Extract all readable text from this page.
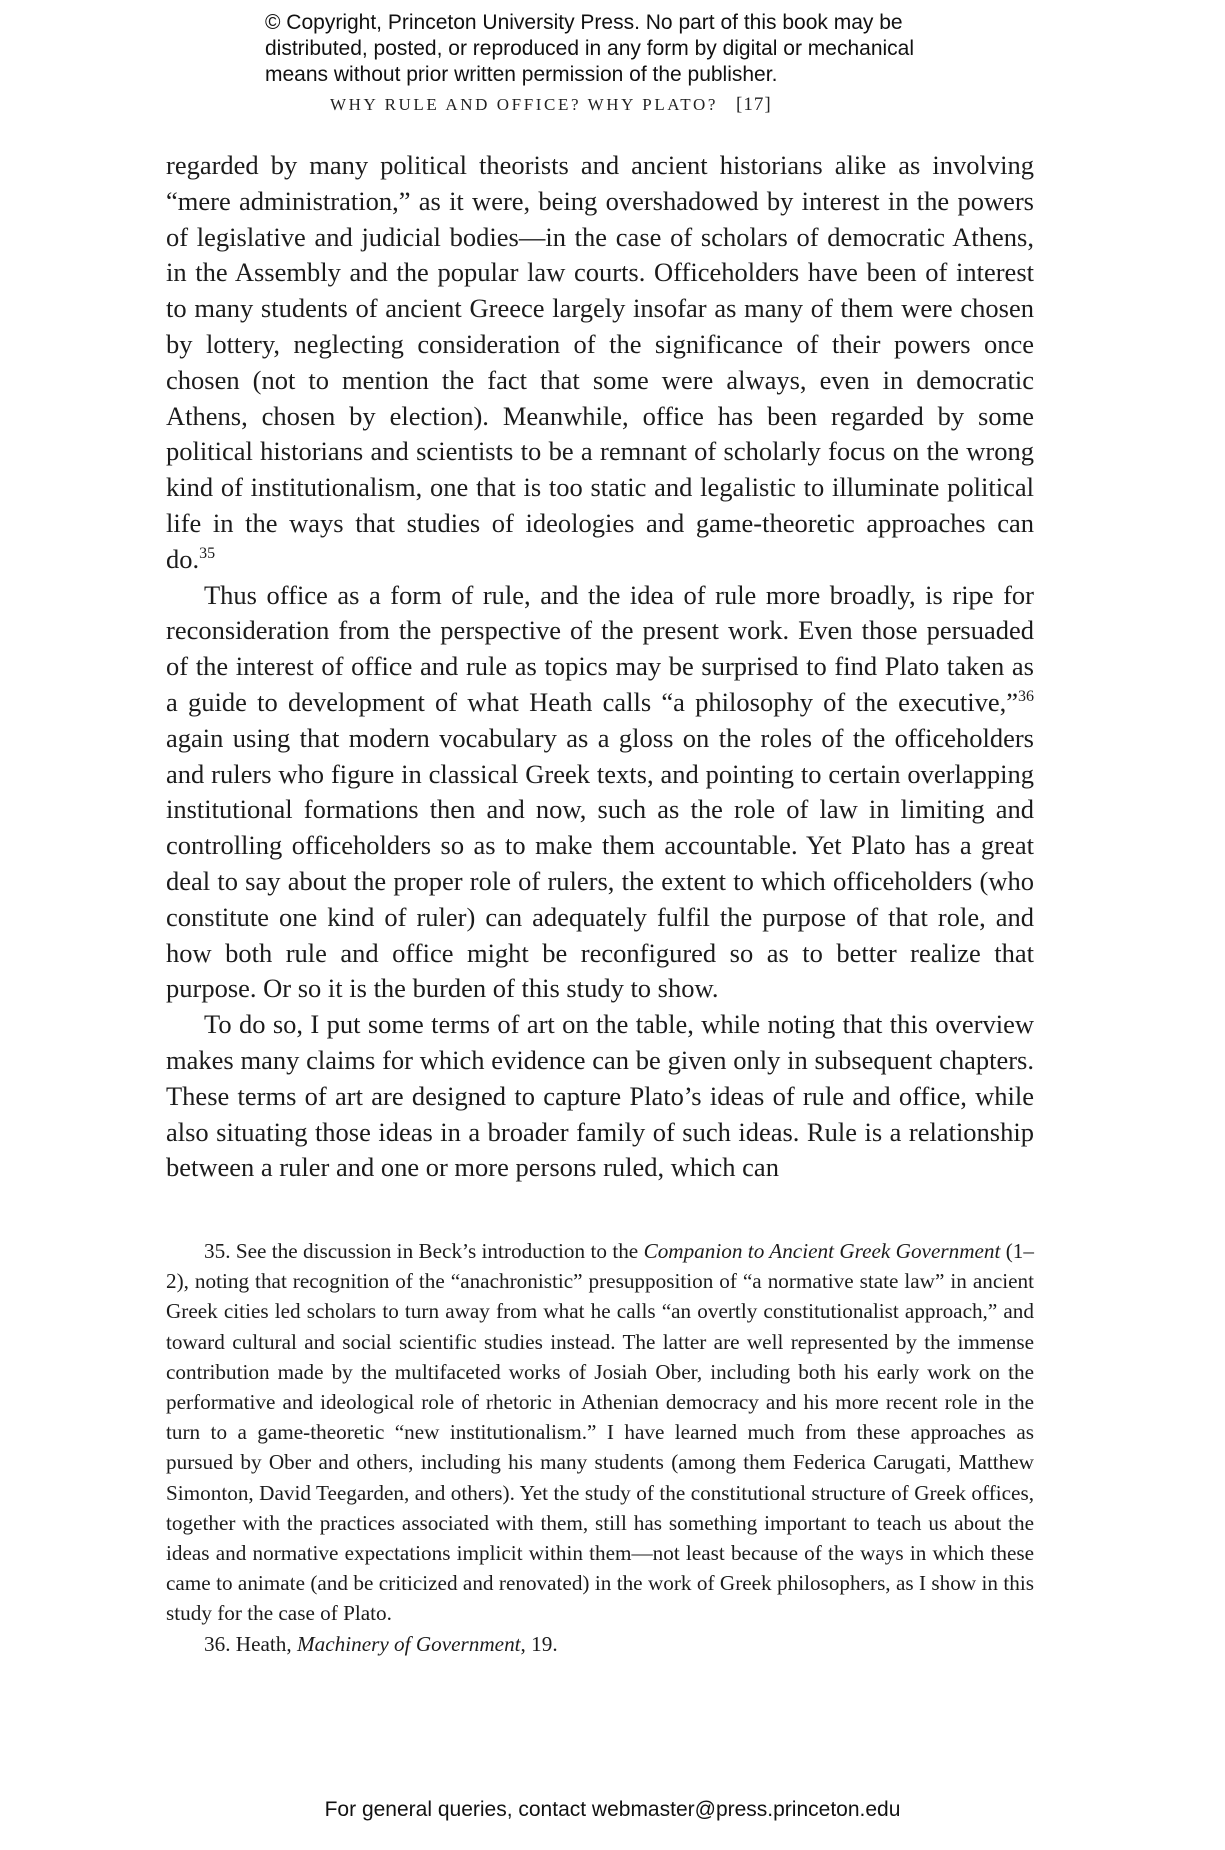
© Copyright, Princeton University Press. No part of this book may be
distributed, posted, or reproduced in any form by digital or mechanical
means without prior written permission of the publisher.
WHY RULE AND OFFICE? WHY PLATO? [17]

regarded by many political theorists and ancient historians alike as involving “mere administration,” as it were, being overshadowed by interest in the powers of legislative and judicial bodies—in the case of scholars of democratic Athens, in the Assembly and the popular law courts. Officeholders have been of interest to many students of ancient Greece largely insofar as many of them were chosen by lottery, neglecting consideration of the significance of their powers once chosen (not to mention the fact that some were always, even in democratic Athens, chosen by election). Meanwhile, office has been regarded by some political historians and scientists to be a remnant of scholarly focus on the wrong kind of institutionalism, one that is too static and legalistic to illuminate political life in the ways that studies of ideologies and game-theoretic approaches can do.$^{35}$

Thus office as a form of rule, and the idea of rule more broadly, is ripe for reconsideration from the perspective of the present work. Even those persuaded of the interest of office and rule as topics may be surprised to find Plato taken as a guide to development of what Heath calls “a philosophy of the executive,”$^{36}$ again using that modern vocabulary as a gloss on the roles of the officeholders and rulers who figure in classical Greek texts, and pointing to certain overlapping institutional formations then and now, such as the role of law in limiting and controlling officeholders so as to make them accountable. Yet Plato has a great deal to say about the proper role of rulers, the extent to which officeholders (who constitute one kind of ruler) can adequately fulfil the purpose of that role, and how both rule and office might be reconfigured so as to better realize that purpose. Or so it is the burden of this study to show.

To do so, I put some terms of art on the table, while noting that this overview makes many claims for which evidence can be given only in subsequent chapters. These terms of art are designed to capture Plato’s ideas of rule and office, while also situating those ideas in a broader family of such ideas. Rule is a relationship between a ruler and one or more persons ruled, which can

35. See the discussion in Beck’s introduction to the Companion to Ancient Greek Government (1–2), noting that recognition of the “anachronistic” presupposition of “a normative state law” in ancient Greek cities led scholars to turn away from what he calls “an overtly constitutionalist approach,” and toward cultural and social scientific studies instead. The latter are well represented by the immense contribution made by the multifaceted works of Josiah Ober, including both his early work on the performative and ideological role of rhetoric in Athenian democracy and his more recent role in the turn to a game-theoretic “new institutionalism.” I have learned much from these approaches as pursued by Ober and others, including his many students (among them Federica Carugati, Matthew Simonton, David Teegarden, and others). Yet the study of the constitutional structure of Greek offices, together with the practices associated with them, still has something important to teach us about the ideas and normative expectations implicit within them—not least because of the ways in which these came to animate (and be criticized and renovated) in the work of Greek philosophers, as I show in this study for the case of Plato.

36. Heath, Machinery of Government, 19.

For general queries, contact webmaster@press.princeton.edu
